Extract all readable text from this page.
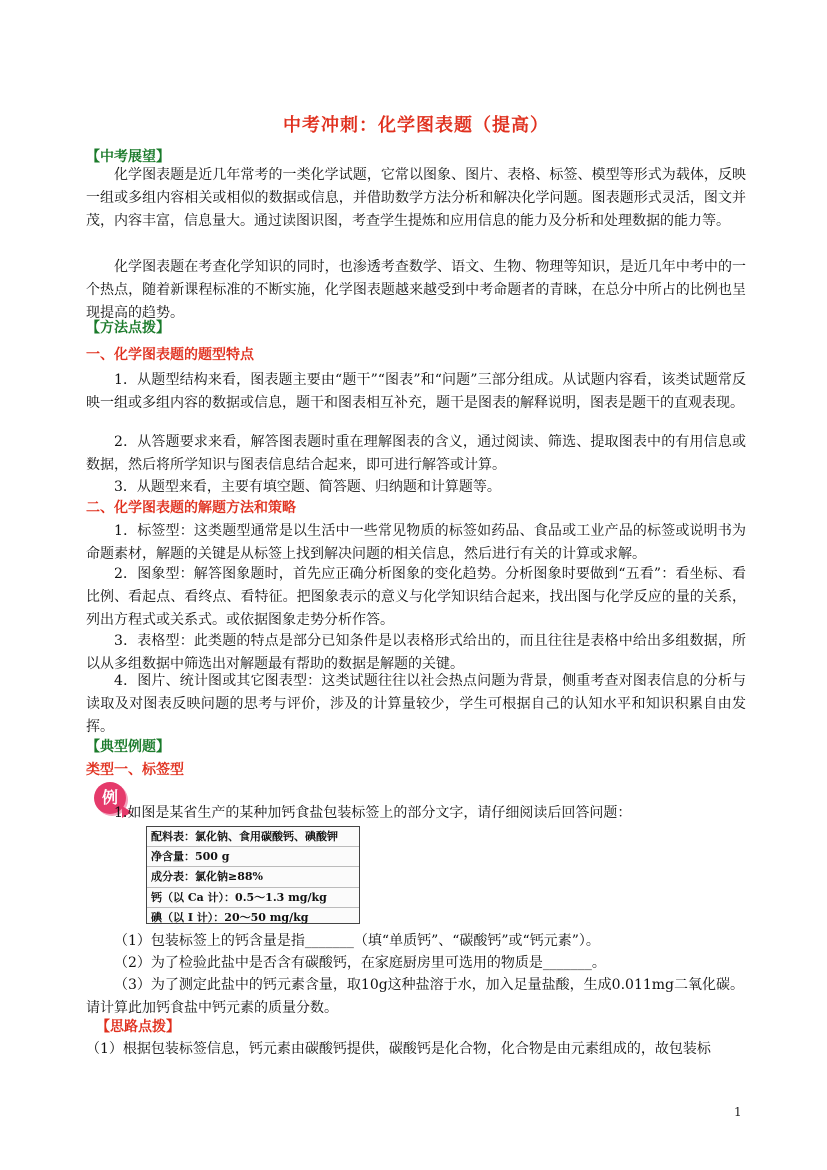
中考冲刺：化学图表题（提高）
【中考展望】

化学图表题是近几年常考的一类化学试题，它常以图象、图片、表格、标签、模型等形式为载体，反映一组或多组内容相关或相似的数据或信息，并借助数学方法分析和解决化学问题。图表题形式灵活，图文并茂，内容丰富，信息量大。通过读图识图，考查学生提炼和应用信息的能力及分析和处理数据的能力等。

化学图表题在考查化学知识的同时，也渗透考查数学、语文、生物、物理等知识，是近几年中考中的一个热点，随着新课程标准的不断实施，化学图表题越来越受到中考命题者的青睐，在总分中所占的比例也呈现提高的趋势。

【方法点拨】
一、化学图表题的题型特点

1．从题型结构来看，图表题主要由“题干”“图表”和“问题”三部分组成。从试题内容看，该类试题常反映一组或多组内容的数据或信息，题干和图表相互补充，题干是图表的解释说明，图表是题干的直观表现。

2．从答题要求来看，解答图表题时重在理解图表的含义，通过阅读、筛选、提取图表中的有用信息或数据，然后将所学知识与图表信息结合起来，即可进行解答或计算。

3．从题型来看，主要有填空题、简答题、归纳题和计算题等。

二、化学图表题的解题方法和策略

1．标签型：这类题型通常是以生活中一些常见物质的标签如药品、食品或工业产品的标签或说明书为命题素材，解题的关键是从标签上找到解决问题的相关信息，然后进行有关的计算或求解。

2．图象型：解答图象题时，首先应正确分析图象的变化趋势。分析图象时要做到“五看”：看坐标、看比例、看起点、看终点、看特征。把图象表示的意义与化学知识结合起来，找出图与化学反应的量的关系，列出方程式或关系式。或依据图象走势分析作答。

3．表格型：此类题的特点是部分已知条件是以表格形式给出的，而且往往是表格中给出多组数据，所以从多组数据中筛选出对解题最有帮助的数据是解题的关键。

4．图片、统计图或其它图表型：这类试题往往以社会热点问题为背景，侧重考查对图表信息的分析与读取及对图表反映问题的思考与评价，涉及的计算量较少，学生可根据自己的认知水平和知识积累自由发挥。

【典型例题】
类型一、标签型
例
1.如图是某省生产的某种加钙食盐包装标签上的部分文字，请仔细阅读后回答问题：
配料表：氯化钠、食用碳酸钙、碘酸钾
净含量：500 g
成分表：氯化钠≥88%
钙（以 Ca 计）：0.5～1.3 mg/kg
碘（以 I 计）：20～50 mg/kg

（1）包装标签上的钙含量是指_______（填“单质钙”、“碳酸钙”或“钙元素”）。

（2）为了检验此盐中是否含有碳酸钙，在家庭厨房里可选用的物质是_______。

（3）为了测定此盐中的钙元素含量，取10g这种盐溶于水，加入足量盐酸，生成0.011mg二氧化碳。请计算此加钙食盐中钙元素的质量分数。

【思路点拨】

（1）根据包装标签信息，钙元素由碳酸钙提供，碳酸钙是化合物，化合物是由元素组成的，故包装标

1
